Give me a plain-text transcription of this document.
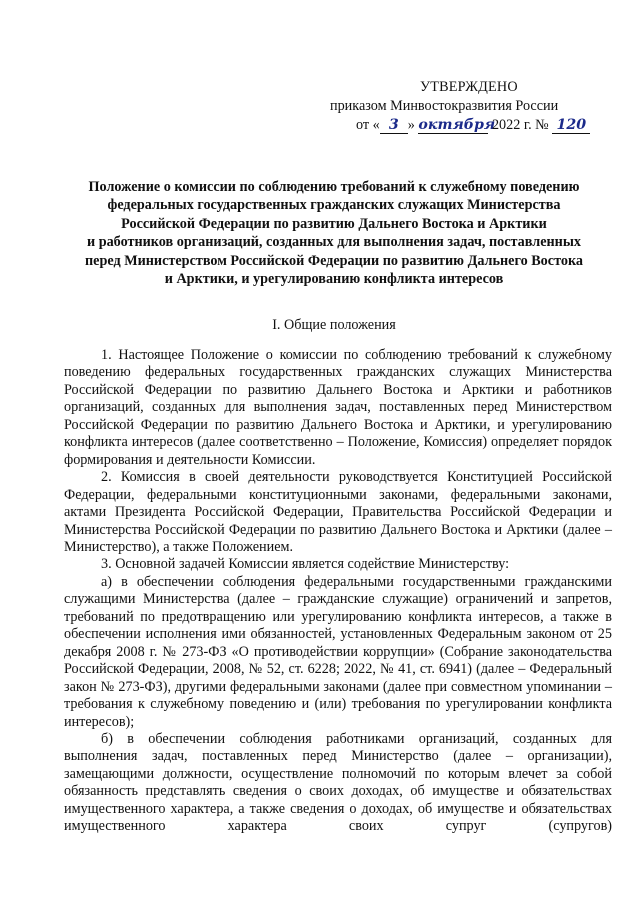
УТВЕРЖДЕНО
приказом Минвостокразвития России
от « 3 » октября 2022 г. № 120
Положение о комиссии по соблюдению требований к служебному поведению
федеральных государственных гражданских служащих Министерства
Российской Федерации по развитию Дальнего Востока и Арктики
и работников организаций, созданных для выполнения задач, поставленных
перед Министерством Российской Федерации по развитию Дальнего Востока
и Арктики, и урегулированию конфликта интересов
I. Общие положения

1. Настоящее Положение о комиссии по соблюдению требований к служебному поведению федеральных государственных гражданских служащих Министерства Российской Федерации по развитию Дальнего Востока и Арктики и работников организаций, созданных для выполнения задач, поставленных перед Министерством Российской Федерации по развитию Дальнего Востока и Арктики, и урегулированию конфликта интересов (далее соответственно – Положение, Комиссия) определяет порядок формирования и деятельности Комиссии.

2. Комиссия в своей деятельности руководствуется Конституцией Российской Федерации, федеральными конституционными законами, федеральными законами, актами Президента Российской Федерации, Правительства Российской Федерации и Министерства Российской Федерации по развитию Дальнего Востока и Арктики (далее – Министерство), а также Положением.

3. Основной задачей Комиссии является содействие Министерству:

а) в обеспечении соблюдения федеральными государственными гражданскими служащими Министерства (далее – гражданские служащие) ограничений и запретов, требований по предотвращению или урегулированию конфликта интересов, а также в обеспечении исполнения ими обязанностей, установленных Федеральным законом от 25 декабря 2008 г. № 273-ФЗ «О противодействии коррупции» (Собрание законодательства Российской Федерации, 2008, № 52, ст. 6228; 2022, № 41, ст. 6941) (далее – Федеральный закон № 273-ФЗ), другими федеральными законами (далее при совместном упоминании – требования к служебному поведению и (или) требования по урегулировании конфликта интересов);

б) в обеспечении соблюдения работниками организаций, созданных для выполнения задач, поставленных перед Министерство (далее – организации), замещающими должности, осуществление полномочий по которым влечет за собой обязанность представлять сведения о своих доходах, об имуществе и обязательствах имущественного характера, а также сведения о доходах, об имуществе и обязательствах имущественного характера своих супруг (супругов)
